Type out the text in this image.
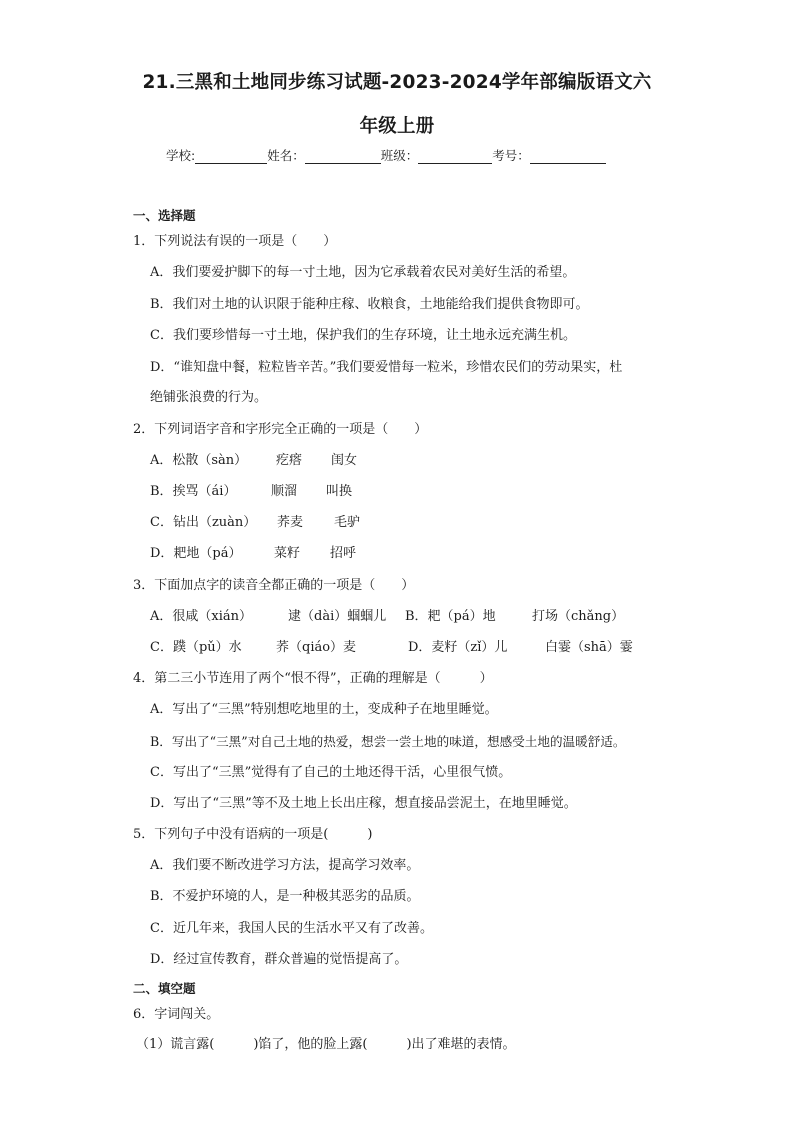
21.三黑和土地同步练习试题-2023-2024学年部编版语文六
年级上册
学校:	姓名：	班级：	考号：
一、选择题
1．下列说法有误的一项是（　　）
A．我们要爱护脚下的每一寸土地，因为它承载着农民对美好生活的希望。
B．我们对土地的认识限于能种庄稼、收粮食，土地能给我们提供食物即可。
C．我们要珍惜每一寸土地，保护我们的生存环境，让土地永远充满生机。
D．“谁知盘中餐，粒粒皆辛苦。”我们要爱惜每一粒米，珍惜农民们的劳动果实，杜
绝铺张浪费的行为。
2．下列词语字音和字形完全正确的一项是（　　）
A．松散（sàn） 疙瘩 闺女
B．挨骂（ái）	顺溜 叫换
C．钻出（zuàn） 荞麦 毛驴
D．耙地（pá）	菜籽 招呼
3．下面加点字的读音全都正确的一项是（　　）
A．很咸（xián）	逮（dài）蝈蝈儿 B．耙（pá）地	打场（chǎng）
C．蹼（pǔ）水	荞（qiáo）麦	D．麦籽（zǐ）儿	白霎（shā）霎
4．第二三小节连用了两个“恨不得”，正确的理解是（　　　）
A．写出了“三黑”特别想吃地里的土，变成种子在地里睡觉。
B．写出了“三黑”对自己土地的热爱，想尝一尝土地的味道，想感受土地的温暖舒适。
C．写出了“三黑”觉得有了自己的土地还得干活，心里很气愤。
D．写出了“三黑”等不及土地上长出庄稼，想直接品尝泥土，在地里睡觉。
5．下列句子中没有语病的一项是(　　　)
A．我们要不断改进学习方法，提高学习效率。
B．不爱护环境的人，是一种极其恶劣的品质。
C．近几年来，我国人民的生活水平又有了改善。
D．经过宣传教育，群众普遍的觉悟提高了。
二、填空题
6．字词闯关。
（1）谎言露(　　　)馅了，他的脸上露(　　　)出了难堪的表情。
